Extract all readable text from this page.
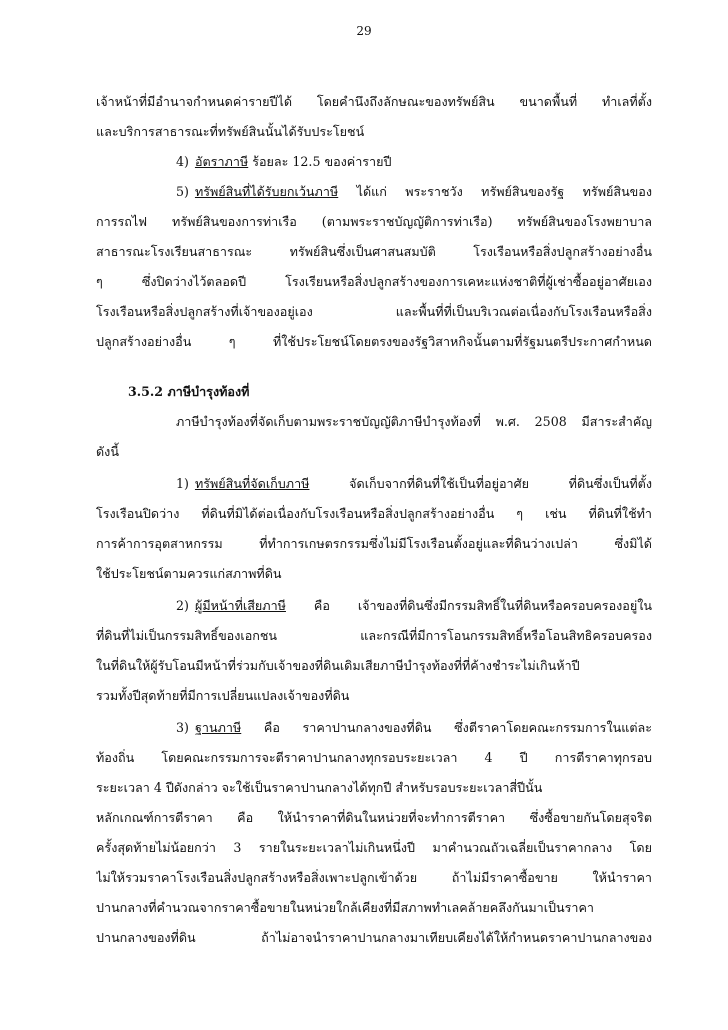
29
เจ้าหน้าที่มีอำนาจกำหนดค่ารายปีได้ โดยคำนึงถึงลักษณะของทรัพย์สิน ขนาดพื้นที่ ทำเลที่ตั้ง
และบริการสาธารณะที่ทรัพย์สินนั้นได้รับประโยชน์
4) อัตราภาษี ร้อยละ 12.5 ของค่ารายปี
5) ทรัพย์สินที่ได้รับยกเว้นภาษี ได้แก่ พระราชวัง ทรัพย์สินของรัฐ ทรัพย์สินของ
การรถไฟ ทรัพย์สินของการท่าเรือ (ตามพระราชบัญญัติการท่าเรือ) ทรัพย์สินของโรงพยาบาล
สาธารณะโรงเรียนสาธารณะ ทรัพย์สินซึ่งเป็นศาสนสมบัติ โรงเรือนหรือสิ่งปลูกสร้างอย่างอื่น
ๆ ซึ่งปิดว่างไว้ตลอดปี โรงเรียนหรือสิ่งปลูกสร้างของการเคหะแห่งชาติที่ผู้เช่าซื้ออยู่อาศัยเอง
โรงเรือนหรือสิ่งปลูกสร้างที่เจ้าของอยู่เอง และพื้นที่ที่เป็นบริเวณต่อเนื่องกับโรงเรือนหรือสิ่ง
ปลูกสร้างอย่างอื่น ๆ ที่ใช้ประโยชน์โดยตรงของรัฐวิสาหกิจนั้นตามที่รัฐมนตรีประกาศกำหนด
3.5.2 ภาษีบำรุงท้องที่
ภาษีบำรุงท้องที่จัดเก็บตามพระราชบัญญัติภาษีบำรุงท้องที่ พ.ศ. 2508 มีสาระสำคัญ
ดังนี้
1) ทรัพย์สินที่จัดเก็บภาษี	จัดเก็บจากที่ดินที่ใช้เป็นที่อยู่อาศัย ที่ดินซึ่งเป็นที่ตั้ง
โรงเรือนปิดว่าง ที่ดินที่มิได้ต่อเนื่องกับโรงเรือนหรือสิ่งปลูกสร้างอย่างอื่น ๆ เช่น ที่ดินที่ใช้ทำ
การค้าการอุตสาหกรรม ที่ทำการเกษตรกรรมซึ่งไม่มีโรงเรือนตั้งอยู่และที่ดินว่างเปล่า ซึ่งมิได้
ใช้ประโยชน์ตามควรแก่สภาพที่ดิน
2) ผู้มีหน้าที่เสียภาษี คือ เจ้าของที่ดินซึ่งมีกรรมสิทธิ์ในที่ดินหรือครอบครองอยู่ใน
ที่ดินที่ไม่เป็นกรรมสิทธิ์ของเอกชน และกรณีที่มีการโอนกรรมสิทธิ์หรือโอนสิทธิครอบครอง
ในที่ดินให้ผู้รับโอนมีหน้าที่ร่วมกับเจ้าของที่ดินเดิมเสียภาษีบำรุงท้องที่ที่ค้างชำระไม่เกินห้าปี
รวมทั้งปีสุดท้ายที่มีการเปลี่ยนแปลงเจ้าของที่ดิน
3) ฐานภาษี คือ ราคาปานกลางของที่ดิน ซึ่งตีราคาโดยคณะกรรมการในแต่ละ
ท้องถิ่น โดยคณะกรรมการจะตีราคาปานกลางทุกรอบระยะเวลา 4 ปี การตีราคาทุกรอบ
ระยะเวลา 4 ปีดังกล่าว จะใช้เป็นราคาปานกลางได้ทุกปี สำหรับรอบระยะเวลาสี่ปีนั้น
หลักเกณฑ์การตีราคา คือ ให้นำราคาที่ดินในหน่วยที่จะทำการตีราคา ซึ่งซื้อขายกันโดยสุจริต
ครั้งสุดท้ายไม่น้อยกว่า 3 รายในระยะเวลาไม่เกินหนึ่งปี มาคำนวณถัวเฉลี่ยเป็นราคากลาง โดย
ไม่ให้รวมราคาโรงเรือนสิ่งปลูกสร้างหรือสิ่งเพาะปลูกเข้าด้วย ถ้าไม่มีราคาซื้อขาย ให้นำราคา
ปานกลางที่คำนวณจากราคาซื้อขายในหน่วยใกล้เคียงที่มีสภาพทำเลคล้ายคลึงกันมาเป็นราคา
ปานกลางของที่ดิน ถ้าไม่อาจนำราคาปานกลางมาเทียบเคียงได้ให้กำหนดราคาปานกลางของ
